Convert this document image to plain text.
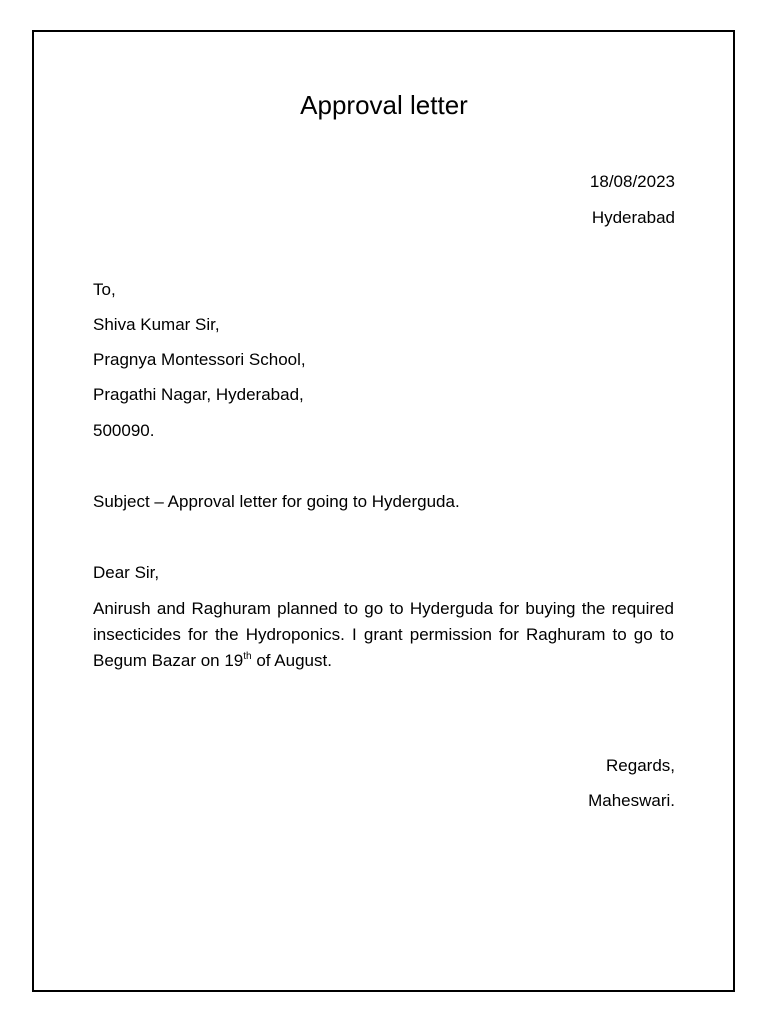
Approval letter
18/08/2023
Hyderabad
To,
Shiva Kumar Sir,
Pragnya Montessori School,
Pragathi Nagar, Hyderabad,
500090.
Subject – Approval letter for going to Hyderguda.
Dear Sir,
Anirush and Raghuram planned to go to Hyderguda for buying the required insecticides for the Hydroponics. I grant permission for Raghuram to go to Begum Bazar on 19th of August.
Regards,
Maheswari.
